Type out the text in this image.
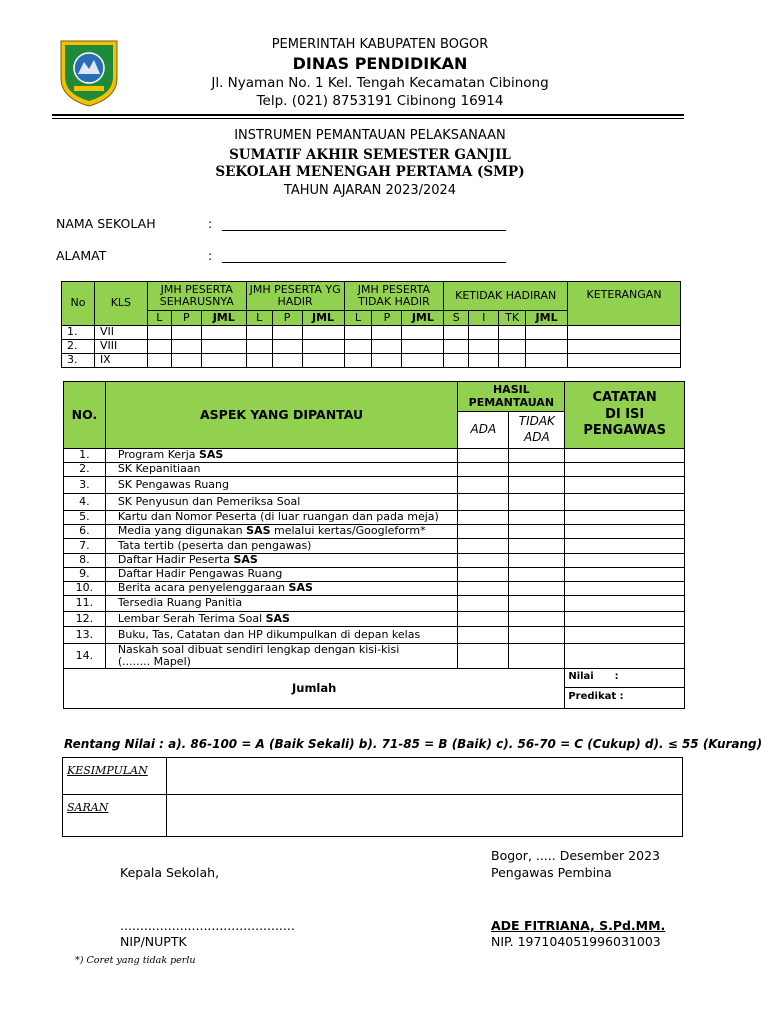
PEMERINTAH KABUPATEN BOGOR
DINAS PENDIDIKAN
Jl. Nyaman No. 1 Kel. Tengah Kecamatan Cibinong
Telp. (021) 8753191 Cibinong 16914
INSTRUMEN PEMANTAUAN PELAKSANAAN
SUMATIF AKHIR SEMESTER GANJIL
SEKOLAH MENENGAH PERTAMA (SMP)
TAHUN AJARAN 2023/2024
NAMA SEKOLAH	:
ALAMAT	:
No	KLS	JMH PESERTA SEHARUSNYA			JMH PESERTA YG HADIR			JMH PESERTA TIDAK HADIR			KETIDAK HADIRAN				KETERANGAN
		L	P	JML	L	P	JML	L	P	JML	S	I	TK	JML	
1.	VII														
2.	VIII														
3.	IX														
NO.	ASPEK YANG DIPANTAU	HASIL PEMANTAUAN		CATATAN DI ISI PENGAWAS
		ADA	TIDAK ADA	
1.	Program Kerja SAS			
2.	SK Kepanitiaan			
3.	SK Pengawas Ruang			
4.	SK Penyusun dan Pemeriksa Soal			
5.	Kartu dan Nomor Peserta (di luar ruangan dan pada meja)			
6.	Media yang digunakan SAS melalui kertas/Googleform*			
7.	Tata tertib (peserta dan pengawas)			
8.	Daftar Hadir Peserta SAS			
9.	Daftar Hadir Pengawas Ruang			
10.	Berita acara penyelenggaraan SAS			
11.	Tersedia Ruang Panitia			
12.	Lembar Serah Terima Soal SAS			
13.	Buku, Tas, Catatan dan HP dikumpulkan di depan kelas			
14.	Naskah soal dibuat sendiri lengkap dengan kisi-kisi (........ Mapel)			
Jumlah				Nilai      :
Predikat :
Rentang Nilai : a). 86-100 = A (Baik Sekali) b). 71-85 = B (Baik) c). 56-70 = C (Cukup) d). ≤ 55 (Kurang)
KESIMPULAN	
SARAN	
Bogor, ..... Desember 2023
Pengawas Pembina
Kepala Sekolah,
............................................
NIP/NUPTK
ADE FITRIANA, S.Pd.MM.
NIP. 197104051996031003
*) Coret yang tidak perlu
